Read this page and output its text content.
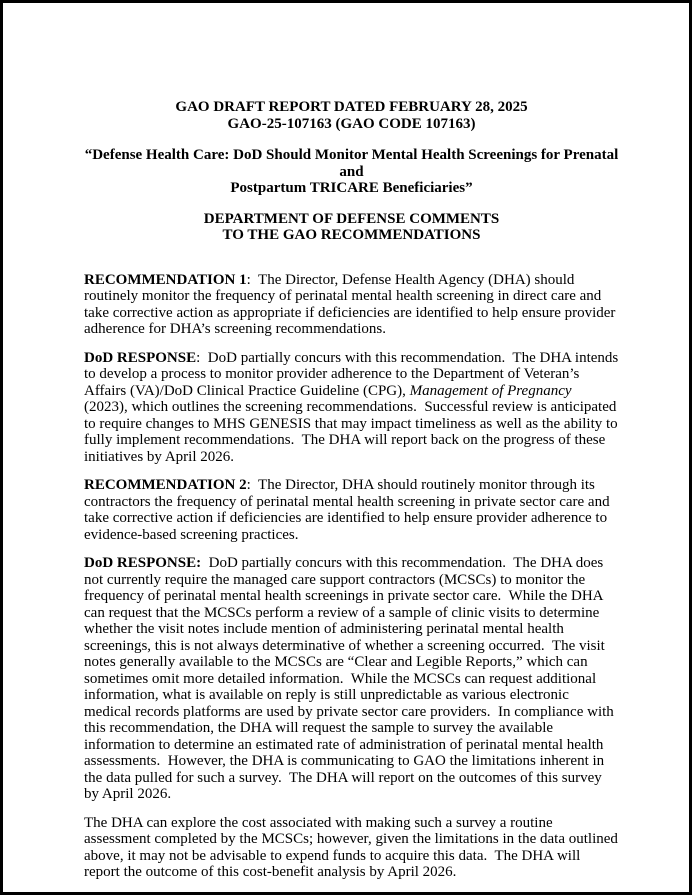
GAO DRAFT REPORT DATED FEBRUARY 28, 2025
GAO-25-107163 (GAO CODE 107163)
“Defense Health Care: DoD Should Monitor Mental Health Screenings for Prenatal and
Postpartum TRICARE Beneficiaries”
DEPARTMENT OF DEFENSE COMMENTS
TO THE GAO RECOMMENDATIONS

RECOMMENDATION 1:  The Director, Defense Health Agency (DHA) should routinely monitor the frequency of perinatal mental health screening in direct care and take corrective action as appropriate if deficiencies are identified to help ensure provider adherence for DHA’s screening recommendations.

DoD RESPONSE:  DoD partially concurs with this recommendation.  The DHA intends to develop a process to monitor provider adherence to the Department of Veteran’s Affairs (VA)/DoD Clinical Practice Guideline (CPG), Management of Pregnancy (2023), which outlines the screening recommendations.  Successful review is anticipated to require changes to MHS GENESIS that may impact timeliness as well as the ability to fully implement recommendations.  The DHA will report back on the progress of these initiatives by April 2026.

RECOMMENDATION 2:  The Director, DHA should routinely monitor through its contractors the frequency of perinatal mental health screening in private sector care and take corrective action if deficiencies are identified to help ensure provider adherence to evidence-based screening practices.

DoD RESPONSE:  DoD partially concurs with this recommendation.  The DHA does not currently require the managed care support contractors (MCSCs) to monitor the frequency of perinatal mental health screenings in private sector care.  While the DHA can request that the MCSCs perform a review of a sample of clinic visits to determine whether the visit notes include mention of administering perinatal mental health screenings, this is not always determinative of whether a screening occurred.  The visit notes generally available to the MCSCs are “Clear and Legible Reports,” which can sometimes omit more detailed information.  While the MCSCs can request additional information, what is available on reply is still unpredictable as various electronic medical records platforms are used by private sector care providers.  In compliance with this recommendation, the DHA will request the sample to survey the available information to determine an estimated rate of administration of perinatal mental health assessments.  However, the DHA is communicating to GAO the limitations inherent in the data pulled for such a survey.  The DHA will report on the outcomes of this survey by April 2026.

The DHA can explore the cost associated with making such a survey a routine assessment completed by the MCSCs; however, given the limitations in the data outlined above, it may not be advisable to expend funds to acquire this data.  The DHA will report the outcome of this cost-benefit analysis by April 2026.
